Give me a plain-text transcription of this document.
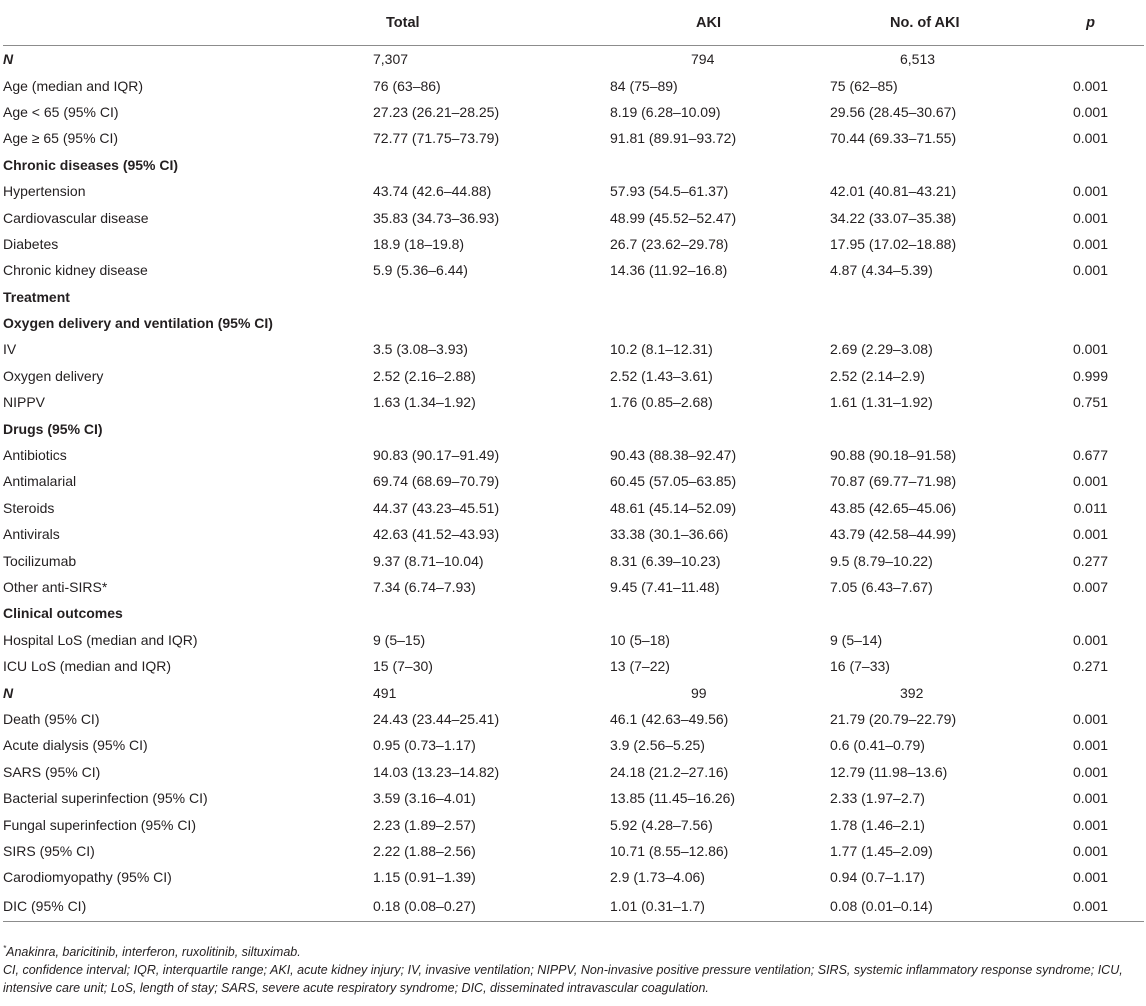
	Total	AKI	No. of AKI	p
N	7,307	794	6,513	
Age (median and IQR)	76 (63–86)	84 (75–89)	75 (62–85)	0.001
Age < 65 (95% CI)	27.23 (26.21–28.25)	8.19 (6.28–10.09)	29.56 (28.45–30.67)	0.001
Age ≥ 65 (95% CI)	72.77 (71.75–73.79)	91.81 (89.91–93.72)	70.44 (69.33–71.55)	0.001
Chronic diseases (95% CI)				
Hypertension	43.74 (42.6–44.88)	57.93 (54.5–61.37)	42.01 (40.81–43.21)	0.001
Cardiovascular disease	35.83 (34.73–36.93)	48.99 (45.52–52.47)	34.22 (33.07–35.38)	0.001
Diabetes	18.9 (18–19.8)	26.7 (23.62–29.78)	17.95 (17.02–18.88)	0.001
Chronic kidney disease	5.9 (5.36–6.44)	14.36 (11.92–16.8)	4.87 (4.34–5.39)	0.001
Treatment				
Oxygen delivery and ventilation (95% CI)				
IV	3.5 (3.08–3.93)	10.2 (8.1–12.31)	2.69 (2.29–3.08)	0.001
Oxygen delivery	2.52 (2.16–2.88)	2.52 (1.43–3.61)	2.52 (2.14–2.9)	0.999
NIPPV	1.63 (1.34–1.92)	1.76 (0.85–2.68)	1.61 (1.31–1.92)	0.751
Drugs (95% CI)				
Antibiotics	90.83 (90.17–91.49)	90.43 (88.38–92.47)	90.88 (90.18–91.58)	0.677
Antimalarial	69.74 (68.69–70.79)	60.45 (57.05–63.85)	70.87 (69.77–71.98)	0.001
Steroids	44.37 (43.23–45.51)	48.61 (45.14–52.09)	43.85 (42.65–45.06)	0.011
Antivirals	42.63 (41.52–43.93)	33.38 (30.1–36.66)	43.79 (42.58–44.99)	0.001
Tocilizumab	9.37 (8.71–10.04)	8.31 (6.39–10.23)	9.5 (8.79–10.22)	0.277
Other anti-SIRS*	7.34 (6.74–7.93)	9.45 (7.41–11.48)	7.05 (6.43–7.67)	0.007
Clinical outcomes				
Hospital LoS (median and IQR)	9 (5–15)	10 (5–18)	9 (5–14)	0.001
ICU LoS (median and IQR)	15 (7–30)	13 (7–22)	16 (7–33)	0.271
N	491	99	392	
Death (95% CI)	24.43 (23.44–25.41)	46.1 (42.63–49.56)	21.79 (20.79–22.79)	0.001
Acute dialysis (95% CI)	0.95 (0.73–1.17)	3.9 (2.56–5.25)	0.6 (0.41–0.79)	0.001
SARS (95% CI)	14.03 (13.23–14.82)	24.18 (21.2–27.16)	12.79 (11.98–13.6)	0.001
Bacterial superinfection (95% CI)	3.59 (3.16–4.01)	13.85 (11.45–16.26)	2.33 (1.97–2.7)	0.001
Fungal superinfection (95% CI)	2.23 (1.89–2.57)	5.92 (4.28–7.56)	1.78 (1.46–2.1)	0.001
SIRS (95% CI)	2.22 (1.88–2.56)	10.71 (8.55–12.86)	1.77 (1.45–2.09)	0.001
Carodiomyopathy (95% CI)	1.15 (0.91–1.39)	2.9 (1.73–4.06)	0.94 (0.7–1.17)	0.001
DIC (95% CI)	0.18 (0.08–0.27)	1.01 (0.31–1.7)	0.08 (0.01–0.14)	0.001
*Anakinra, baricitinib, interferon, ruxolitinib, siltuximab.
CI, confidence interval; IQR, interquartile range; AKI, acute kidney injury; IV, invasive ventilation; NIPPV, Non-invasive positive pressure ventilation; SIRS, systemic inflammatory response syndrome; ICU, intensive care unit; LoS, length of stay; SARS, severe acute respiratory syndrome; DIC, disseminated intravascular coagulation.
